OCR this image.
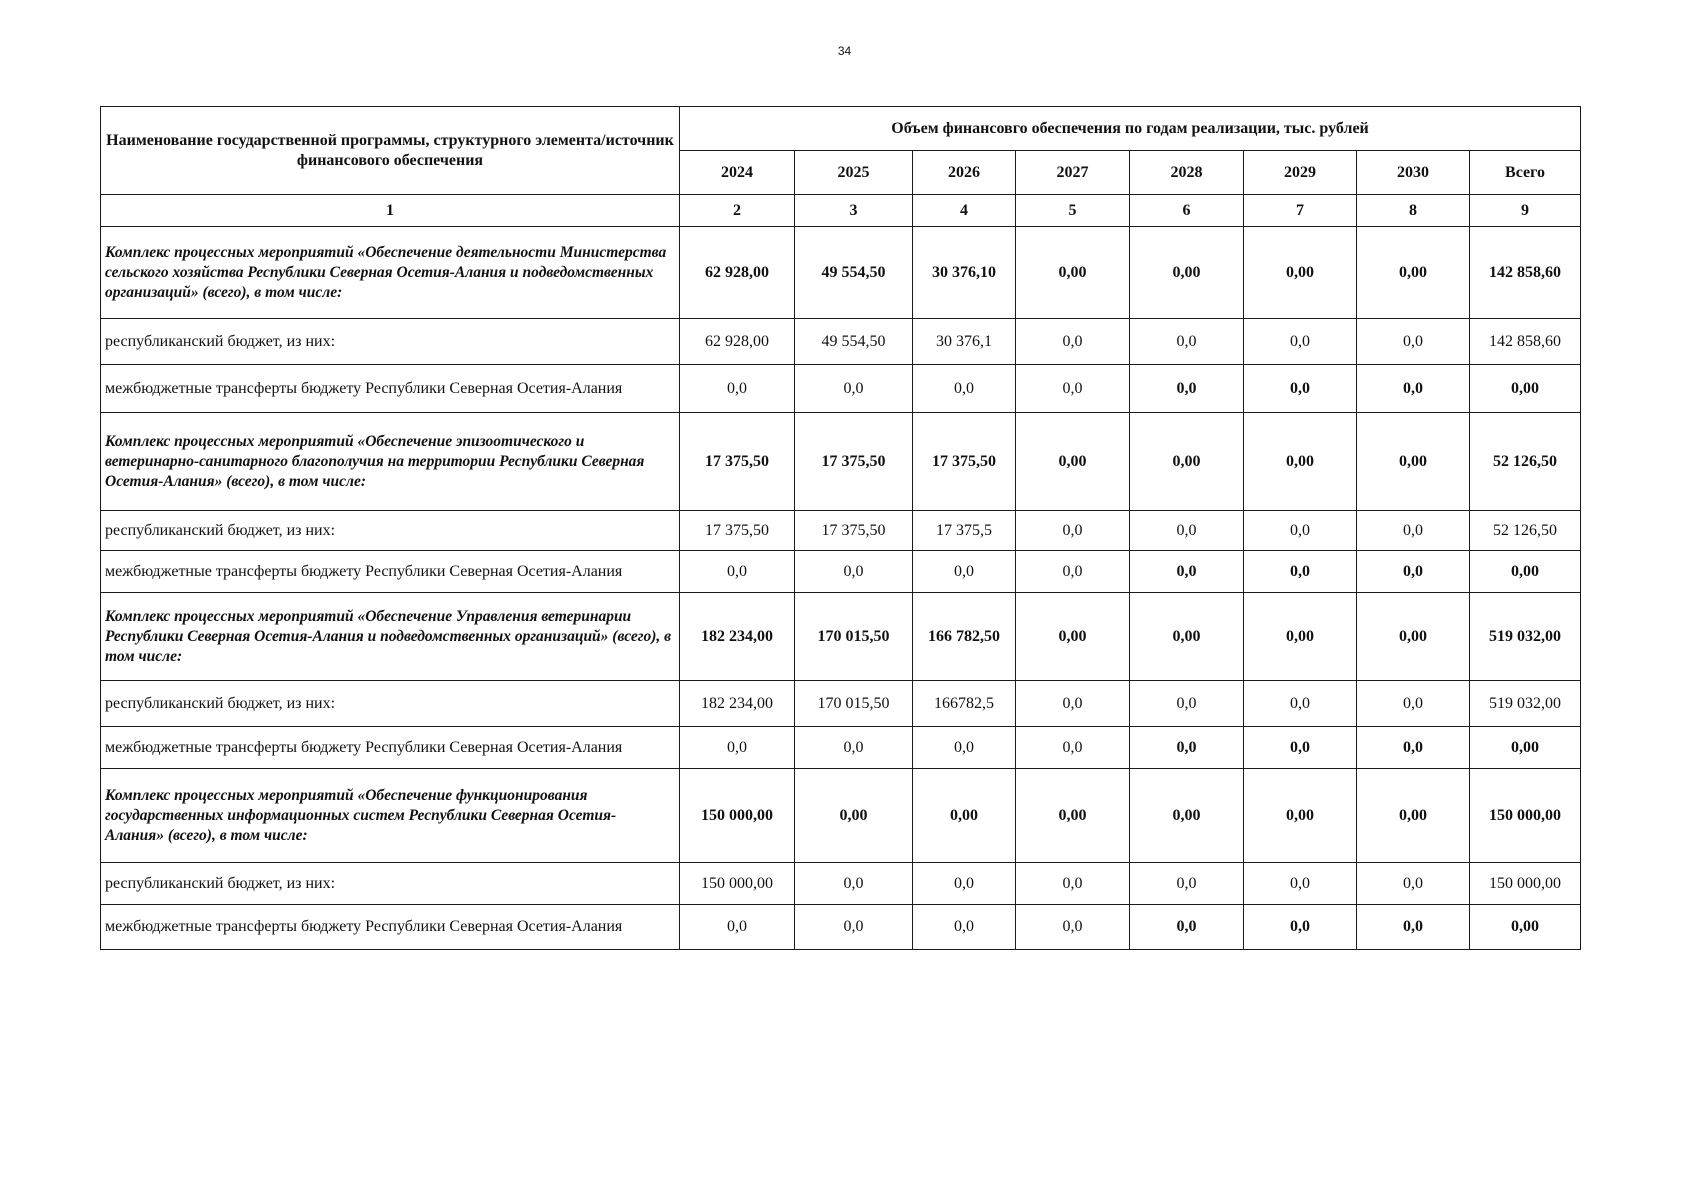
34
Наименование государственной программы, структурного элемента/источник финансового обеспечения	Объем финансовго обеспечения по годам реализации, тыс. рублей							
	2024	2025	2026	2027	2028	2029	2030	Всего
1	2	3	4	5	6	7	8	9
Комплекс процессных мероприятий «Обеспечение деятельности Министерства сельского хозяйства Республики Северная Осетия-Алания и подведомственных организаций» (всего), в том числе:	62 928,00	49 554,50	30 376,10	0,00	0,00	0,00	0,00	142 858,60
республиканский бюджет, из них:	62 928,00	49 554,50	30 376,1	0,0	0,0	0,0	0,0	142 858,60
межбюджетные трансферты бюджету Республики Северная Осетия-Алания	0,0	0,0	0,0	0,0	0,0	0,0	0,0	0,00
Комплекс процессных мероприятий «Обеспечение эпизоотического и ветеринарно-санитарного благополучия на территории Республики Северная Осетия-Алания» (всего), в том числе:	17 375,50	17 375,50	17 375,50	0,00	0,00	0,00	0,00	52 126,50
республиканский бюджет, из них:	17 375,50	17 375,50	17 375,5	0,0	0,0	0,0	0,0	52 126,50
межбюджетные трансферты бюджету Республики Северная Осетия-Алания	0,0	0,0	0,0	0,0	0,0	0,0	0,0	0,00
Комплекс процессных мероприятий «Обеспечение Управления ветеринарии Республики Северная Осетия-Алания и подведомственных организаций» (всего), в том числе:	182 234,00	170 015,50	166 782,50	0,00	0,00	0,00	0,00	519 032,00
республиканский бюджет, из них:	182 234,00	170 015,50	166782,5	0,0	0,0	0,0	0,0	519 032,00
межбюджетные трансферты бюджету Республики Северная Осетия-Алания	0,0	0,0	0,0	0,0	0,0	0,0	0,0	0,00
Комплекс процессных мероприятий «Обеспечение функционирования государственных информационных систем Республики Северная Осетия-Алания» (всего), в том числе:	150 000,00	0,00	0,00	0,00	0,00	0,00	0,00	150 000,00
республиканский бюджет, из них:	150 000,00	0,0	0,0	0,0	0,0	0,0	0,0	150 000,00
межбюджетные трансферты бюджету Республики Северная Осетия-Алания	0,0	0,0	0,0	0,0	0,0	0,0	0,0	0,00
